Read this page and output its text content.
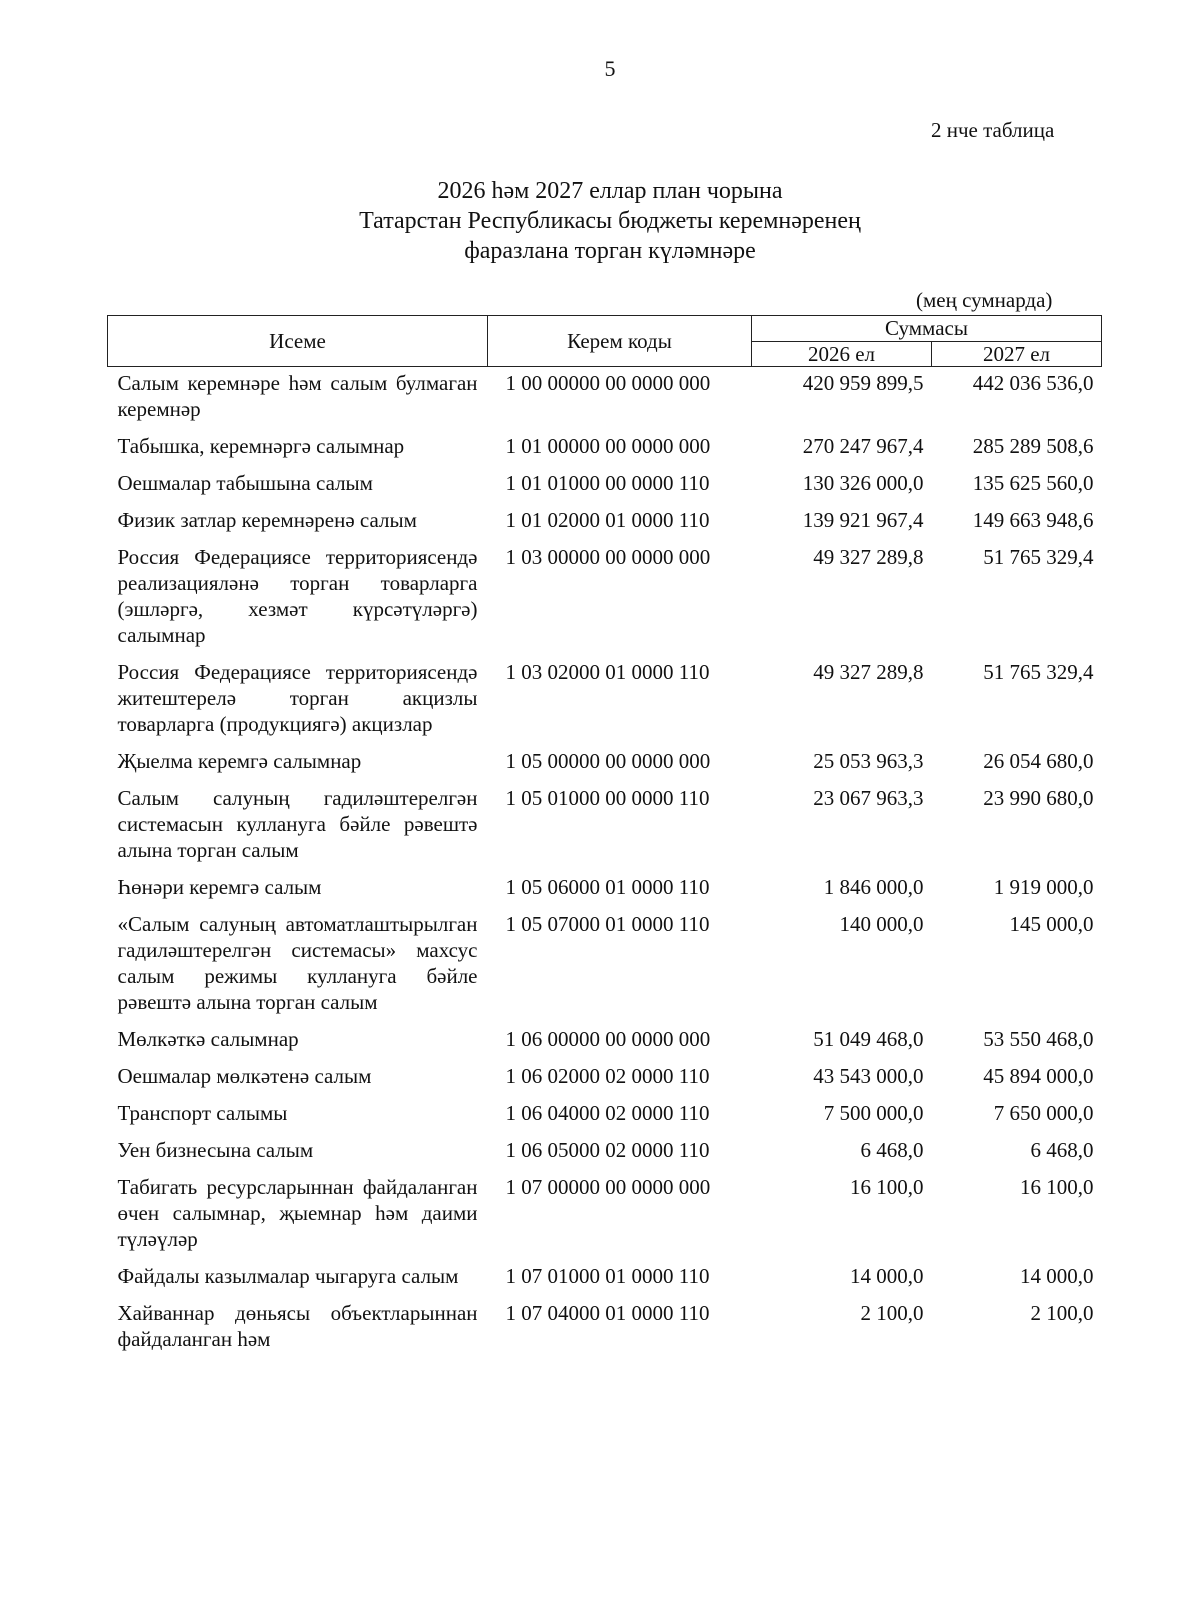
5
2 нче таблица
2026 һәм 2027 еллар план чорына
Татарстан Республикасы бюджеты керемнәренең
фаразлана торган күләмнәре
(мең сумнарда)
Исеме	Керем коды	Суммасы	
		2026 ел	2027 ел
Салым керемнәре һәм салым булмаган керемнәр	1 00 00000 00 0000 000	420 959 899,5	442 036 536,0
Табышка, керемнәргә салымнар	1 01 00000 00 0000 000	270 247 967,4	285 289 508,6
Оешмалар табышына салым	1 01 01000 00 0000 110	130 326 000,0	135 625 560,0
Физик затлар керемнәренә салым	1 01 02000 01 0000 110	139 921 967,4	149 663 948,6
Россия Федерациясе территориясендә реализацияләнә торган товарларга (эшләргә, хезмәт күрсәтүләргә) салымнар	1 03 00000 00 0000 000	49 327 289,8	51 765 329,4
Россия Федерациясе территориясендә житештерелә торган акцизлы товарларга (продукциягә) акцизлар	1 03 02000 01 0000 110	49 327 289,8	51 765 329,4
Җыелма керемгә салымнар	1 05 00000 00 0000 000	25 053 963,3	26 054 680,0
Салым салуның гадиләштерелгән системасын куллануга бәйле рәвештә алына торган салым	1 05 01000 00 0000 110	23 067 963,3	23 990 680,0
Һөнәри керемгә салым	1 05 06000 01 0000 110	1 846 000,0	1 919 000,0
«Салым салуның автоматлаштырылган гадиләштерелгән системасы» махсус салым режимы куллануга бәйле рәвештә алына торган салым	1 05 07000 01 0000 110	140 000,0	145 000,0
Мөлкәткә салымнар	1 06 00000 00 0000 000	51 049 468,0	53 550 468,0
Оешмалар мөлкәтенә салым	1 06 02000 02 0000 110	43 543 000,0	45 894 000,0
Транспорт салымы	1 06 04000 02 0000 110	7 500 000,0	7 650 000,0
Уен бизнесына салым	1 06 05000 02 0000 110	6 468,0	6 468,0
Табигать ресурсларыннан файдаланган өчен салымнар, җыемнар һәм даими түләүләр	1 07 00000 00 0000 000	16 100,0	16 100,0
Файдалы казылмалар чыгаруга салым	1 07 01000 01 0000 110	14 000,0	14 000,0
Хайваннар дөньясы объектларыннан файдаланган һәм	1 07 04000 01 0000 110	2 100,0	2 100,0
